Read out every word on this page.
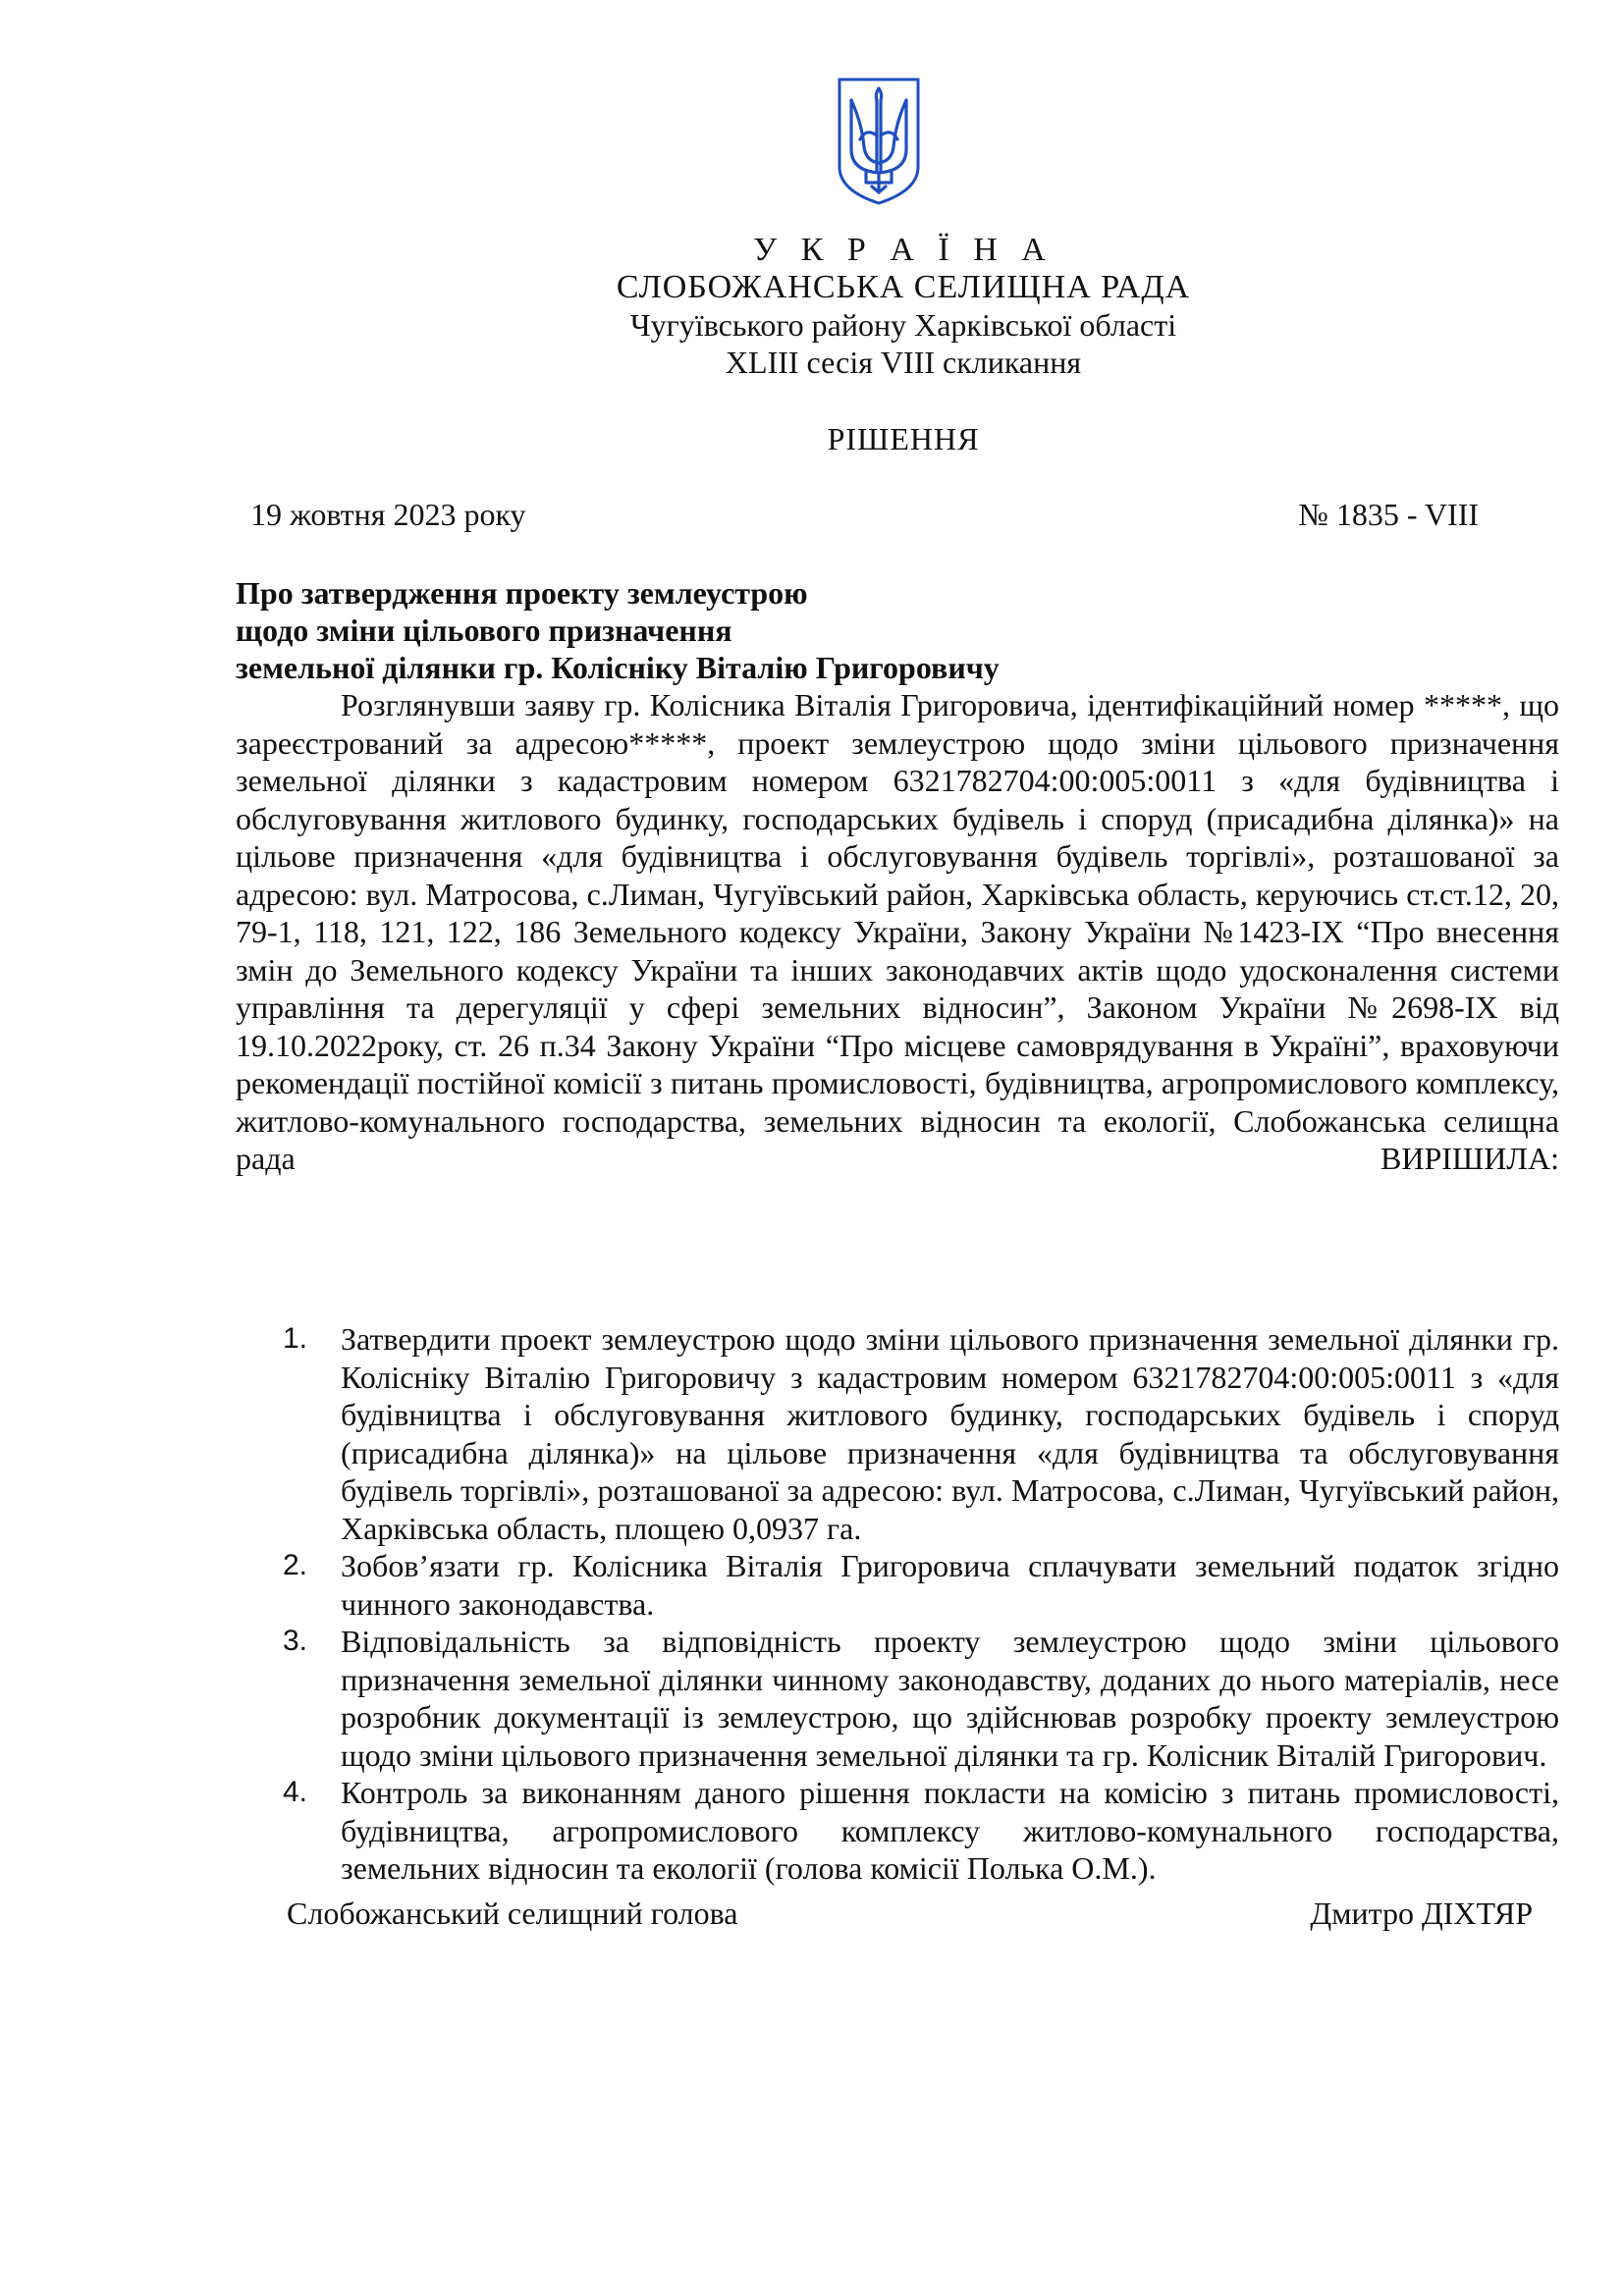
У К Р А Ї Н А
СЛОБОЖАНСЬКА СЕЛИЩНА РАДА
Чугуївського району Харківської області
XLIII сесія VIII скликання
РІШЕННЯ
19 жовтня 2023 року	№ 1835 - VIII
Про затвердження проекту землеустрою
щодо зміни цільового призначення
земельної ділянки гр. Колісніку Віталію Григоровичу
Розглянувши заяву гр. Колісника Віталія Григоровича, ідентифікаційний номер *****, що зареєстрований за адресою*****, проект землеустрою щодо зміни цільового призначення земельної ділянки з кадастровим номером 6321782704:00:005:0011 з «для будівництва і обслуговування житлового будинку, господарських будівель і споруд (присадибна ділянка)» на цільове призначення «для будівництва і обслуговування будівель торгівлі», розташованої за адресою: вул. Матросова, с.Лиман, Чугуївський район, Харківська область, керуючись ст.ст.12, 20, 79-1, 118, 121, 122, 186 Земельного кодексу України, Закону України №1423-IX “Про внесення змін до Земельного кодексу України та інших законодавчих актів щодо удосконалення системи управління та дерегуляції у сфері земельних відносин”, Законом України №2698-IX від 19.10.2022року, ст. 26 п.34 Закону України “Про місцеве самоврядування в Україні”, враховуючи рекомендації постійної комісії з питань промисловості, будівництва, агропромислового комплексу, житлово-комунального господарства, земельних відносин та екології, Слобожанська селищна рада	ВИРІШИЛА:
1. Затвердити проект землеустрою щодо зміни цільового призначення земельної ділянки гр. Колісніку Віталію Григоровичу з кадастровим номером 6321782704:00:005:0011 з «для будівництва і обслуговування житлового будинку, господарських будівель і споруд (присадибна ділянка)» на цільове призначення «для будівництва та обслуговування будівель торгівлі», розташованої за адресою: вул. Матросова, с.Лиман, Чугуївський район, Харківська область, площею 0,0937 га.
2. Зобов’язати гр. Колісника Віталія Григоровича сплачувати земельний податок згідно чинного законодавства.
3. Відповідальність за відповідність проекту землеустрою щодо зміни цільового призначення земельної ділянки чинному законодавству, доданих до нього матеріалів, несе розробник документації із землеустрою, що здійснював розробку проекту землеустрою щодо зміни цільового призначення земельної ділянки та гр. Колісник Віталій Григорович.
4. Контроль за виконанням даного рішення покласти на комісію з питань промисловості, будівництва, агропромислового комплексу житлово-комунального господарства, земельних відносин та екології (голова комісії Полька О.М.).
Слобожанський селищний голова	Дмитро ДІХТЯР
